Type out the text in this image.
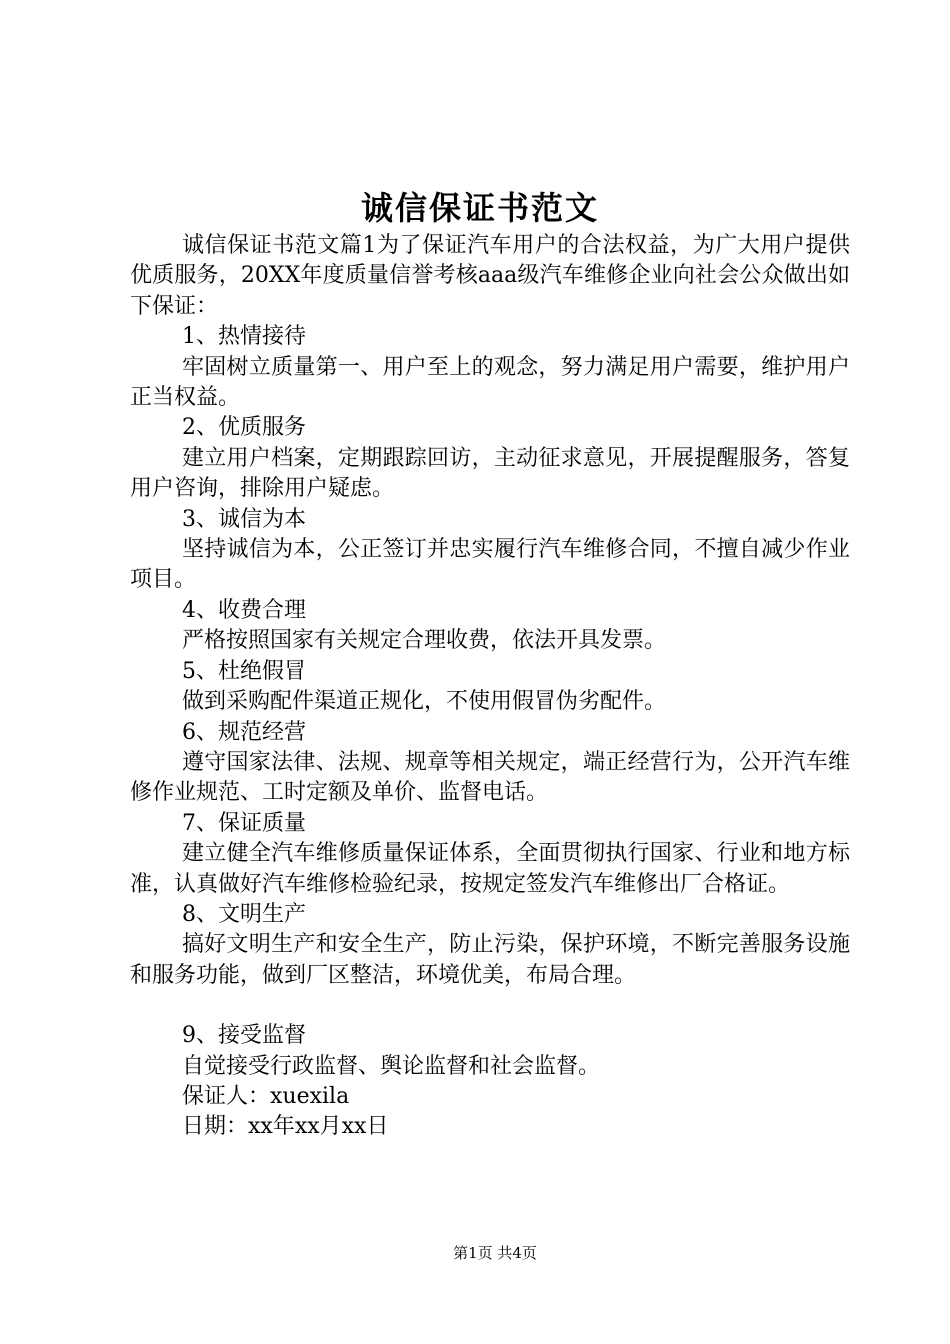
诚信保证书范文

诚信保证书范文篇1为了保证汽车用户的合法权益，为广大用户提供优质服务，20XX年度质量信誉考核aaa级汽车维修企业向社会公众做出如下保证：

1、热情接待

牢固树立质量第一、用户至上的观念，努力满足用户需要，维护用户正当权益。

2、优质服务

建立用户档案，定期跟踪回访，主动征求意见，开展提醒服务，答复用户咨询，排除用户疑虑。

3、诚信为本

坚持诚信为本，公正签订并忠实履行汽车维修合同，不擅自减少作业项目。

4、收费合理

严格按照国家有关规定合理收费，依法开具发票。

5、杜绝假冒

做到采购配件渠道正规化，不使用假冒伪劣配件。

6、规范经营

遵守国家法律、法规、规章等相关规定，端正经营行为，公开汽车维修作业规范、工时定额及单价、监督电话。

7、保证质量

建立健全汽车维修质量保证体系，全面贯彻执行国家、行业和地方标准，认真做好汽车维修检验纪录，按规定签发汽车维修出厂合格证。

8、文明生产

搞好文明生产和安全生产，防止污染，保护环境，不断完善服务设施和服务功能，做到厂区整洁，环境优美，布局合理。

9、接受监督

自觉接受行政监督、舆论监督和社会监督。

保证人：xuexila

日期：xx年xx月xx日

第1页 共4页
